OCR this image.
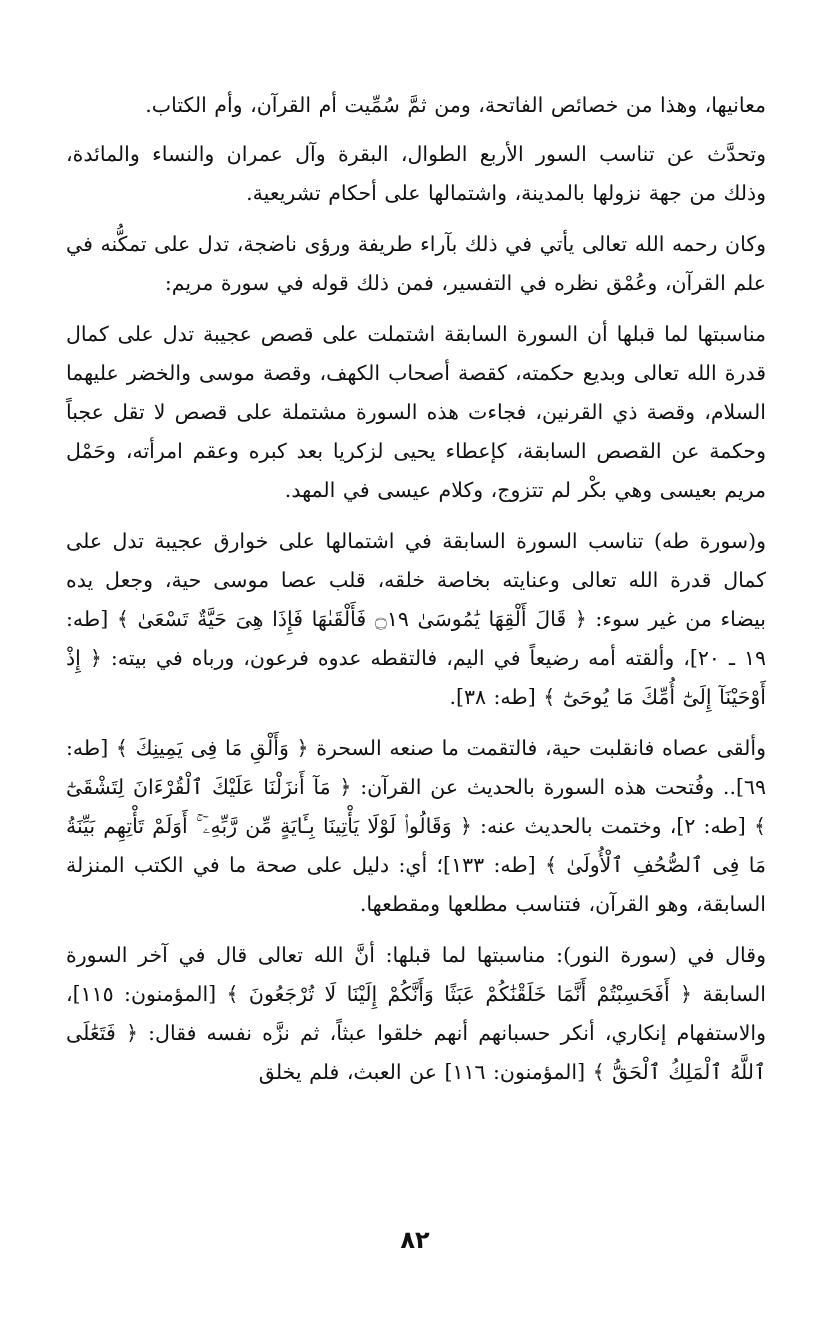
معانيها، وهذا من خصائص الفاتحة، ومن ثمَّ سُمِّيت أم القرآن، وأم الكتاب.

وتحدَّث عن تناسب السور الأربع الطوال، البقرة وآل عمران والنساء والمائدة، وذلك من جهة نزولها بالمدينة، واشتمالها على أحكام تشريعية.

وكان رحمه الله تعالى يأتي في ذلك بآراء طريفة ورؤى ناضجة، تدل على تمكُّنه في علم القرآن، وعُمْق نظره في التفسير، فمن ذلك قوله في سورة مريم:

مناسبتها لما قبلها أن السورة السابقة اشتملت على قصص عجيبة تدل على كمال قدرة الله تعالى وبديع حكمته، كقصة أصحاب الكهف، وقصة موسى والخضر عليهما السلام، وقصة ذي القرنين، فجاءت هذه السورة مشتملة على قصص لا تقل عجباً وحكمة عن القصص السابقة، كإعطاء يحيى لزكريا بعد كبره وعقم امرأته، وحَمْل مريم بعيسى وهي بكْر لم تتزوج، وكلام عيسى في المهد.

و(سورة طه) تناسب السورة السابقة في اشتمالها على خوارق عجيبة تدل على كمال قدرة الله تعالى وعنايته بخاصة خلقه، قلب عصا موسى حية، وجعل يده بيضاء من غير سوء: ﴿ قَالَ أَلْقِهَا يَٰمُوسَىٰ ۝١٩ فَأَلْقَىٰهَا فَإِذَا هِىَ حَيَّةٌ تَسْعَىٰ ﴾ [طه: ١٩ ـ ٢٠]، وألقته أمه رضيعاً في اليم، فالتقطه عدوه فرعون، ورباه في بيته: ﴿ إِذْ أَوْحَيْنَآ إِلَىٰٓ أُمِّكَ مَا يُوحَىٰٓ ﴾ [طه: ٣٨].

وألقى عصاه فانقلبت حية، فالتقمت ما صنعه السحرة ﴿ وَأَلْقِ مَا فِى يَمِينِكَ ﴾ [طه: ٦٩].. وفُتحت هذه السورة بالحديث عن القرآن: ﴿ مَآ أَنزَلْنَا عَلَيْكَ ٱلْقُرْءَانَ لِتَشْقَىٰٓ ﴾ [طه: ٢]، وختمت بالحديث عنه: ﴿ وَقَالُوا۟ لَوْلَا يَأْتِينَا بِـَٔايَةٍ مِّن رَّبِّهِۦٓ ۚ أَوَلَمْ تَأْتِهِم بَيِّنَةُ مَا فِى ٱلصُّحُفِ ٱلْأُولَىٰ ﴾ [طه: ١٣٣]؛ أي: دليل على صحة ما في الكتب المنزلة السابقة، وهو القرآن، فتناسب مطلعها ومقطعها.

وقال في (سورة النور): مناسبتها لما قبلها: أنَّ الله تعالى قال في آخر السورة السابقة ﴿ أَفَحَسِبْتُمْ أَنَّمَا خَلَقْنَٰكُمْ عَبَثًا وَأَنَّكُمْ إِلَيْنَا لَا تُرْجَعُونَ ﴾ [المؤمنون: ١١٥]، والاستفهام إنكاري، أنكر حسبانهم أنهم خلقوا عبثاً، ثم نزَّه نفسه فقال: ﴿ فَتَعَٰلَى ٱللَّهُ ٱلْمَلِكُ ٱلْحَقُّ ﴾ [المؤمنون: ١١٦] عن العبث، فلم يخلق

٨٢
